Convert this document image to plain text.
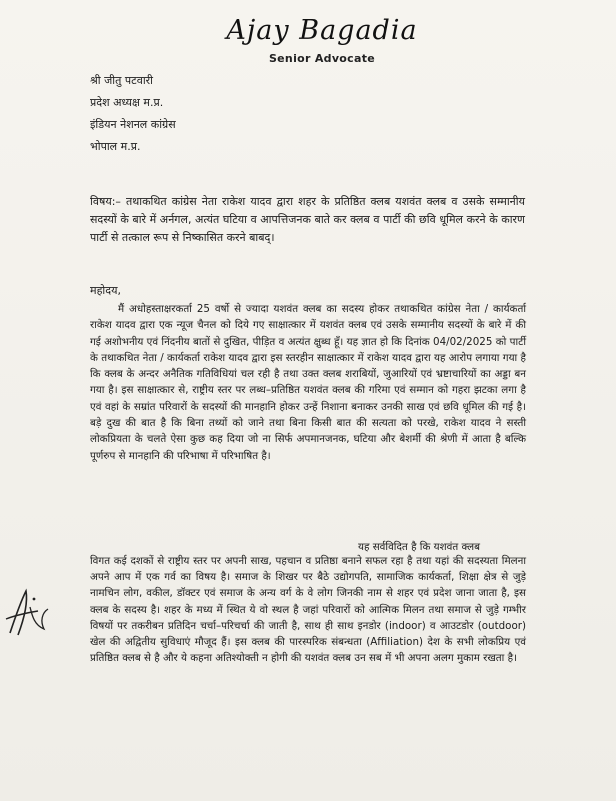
Ajay Bagadia
Senior Advocate
श्री जीतु पटवारी
प्रदेश अध्यक्ष म.प्र.
इंडियन नेशनल कांग्रेस
भोपाल म.प्र.
विषय:– तथाकथित कांग्रेस नेता राकेश यादव द्वारा शहर के प्रतिष्ठित क्लब यशवंत क्लब व उसके सम्मानीय सदस्यों के बारे में अर्नगल, अत्यंत घटिया व आपत्तिजनक बाते कर क्लब व पार्टी की छवि धूमिल करने के कारण पार्टी से तत्काल रूप से निष्कासित करने बाबद्।
महोदय,
मैं अधोहस्ताक्षरकर्ता 25 वर्षो से ज्यादा यशवंत क्लब का सदस्य होकर तथाकथित कांग्रेस नेता / कार्यकर्ता राकेश यादव द्वारा एक न्यूज चैनल को दिये गए साक्षात्कार में यशवंत क्लब एवं उसके सम्मानीय सदस्यों के बारे में की गई अशोभनीय एवं निंदनीय बातों से दुखित, पीड़ित व अत्यंत क्षुब्ध हूँ। यह ज्ञात हो कि दिनांक 04/02/2025 को पार्टी के तथाकथित नेता / कार्यकर्ता राकेश यादव द्वारा इस स्तरहीन साक्षात्कार में राकेश यादव द्वारा यह आरोप लगाया गया है कि क्लब के अन्दर अनैतिक गतिविधियां चल रही है तथा उक्त क्लब शराबियों, जुआरियों एवं भ्रष्टाचारियों का अड्डा बन गया है। इस साक्षात्कार से, राष्ट्रीय स्तर पर लब्ध–प्रतिष्ठित यशवंत क्लब की गरिमा एवं सम्मान को गहरा झटका लगा है एवं वहां के सम्रांत परिवारों के सदस्यों की मानहानि होकर उन्हें निशाना बनाकर उनकी साख एवं छवि धूमिल की गई है। बड़े दुख की बात है कि बिना तथ्यों को जाने तथा बिना किसी बात की सत्यता को परखे, राकेश यादव ने सस्ती लोकप्रियता के चलते ऐसा कुछ कह दिया जो ना सिर्फ अपमानजनक, घटिया और बेशर्मी की श्रेणी में आता है बल्कि पूर्णरुप से मानहानि की परिभाषा में परिभाषित है।
यह सर्वविदित है कि यशवंत क्लब
विगत कई दशकों से राष्ट्रीय स्तर पर अपनी साख, पहचान व प्रतिष्ठा बनाने सफल रहा है तथा यहां की सदस्यता मिलना अपने आप में एक गर्व का विषय है। समाज के शिखर पर बैठे उद्योगपति, सामाजिक कार्यकर्ता, शिक्षा क्षेत्र से जुड़े नामचिन लोग, वकील, डॉक्टर एवं समाज के अन्य वर्ग के वे लोग जिनकी नाम से शहर एवं प्रदेश जाना जाता है, इस क्लब के सदस्य है। शहर के मध्य में स्थित ये वो स्थल है जहां परिवारों को आत्मिक मिलन तथा समाज से जुड़े गम्भीर विषयों पर तकरीबन प्रतिदिन चर्चा–परिचर्चा की जाती है, साथ ही साथ इनडोर (indoor) व आउटडोर (outdoor) खेल की अद्वितीय सुविधाएं मौजूद हैं। इस क्लब की पारस्परिक संबन्धता (Affiliation) देश के सभी लोकप्रिय एवं प्रतिष्ठित क्लब से है और ये कहना अतिश्योक्ती न होगी की यशवंत क्लब उन सब में भी अपना अलग मुकाम रखता है।
